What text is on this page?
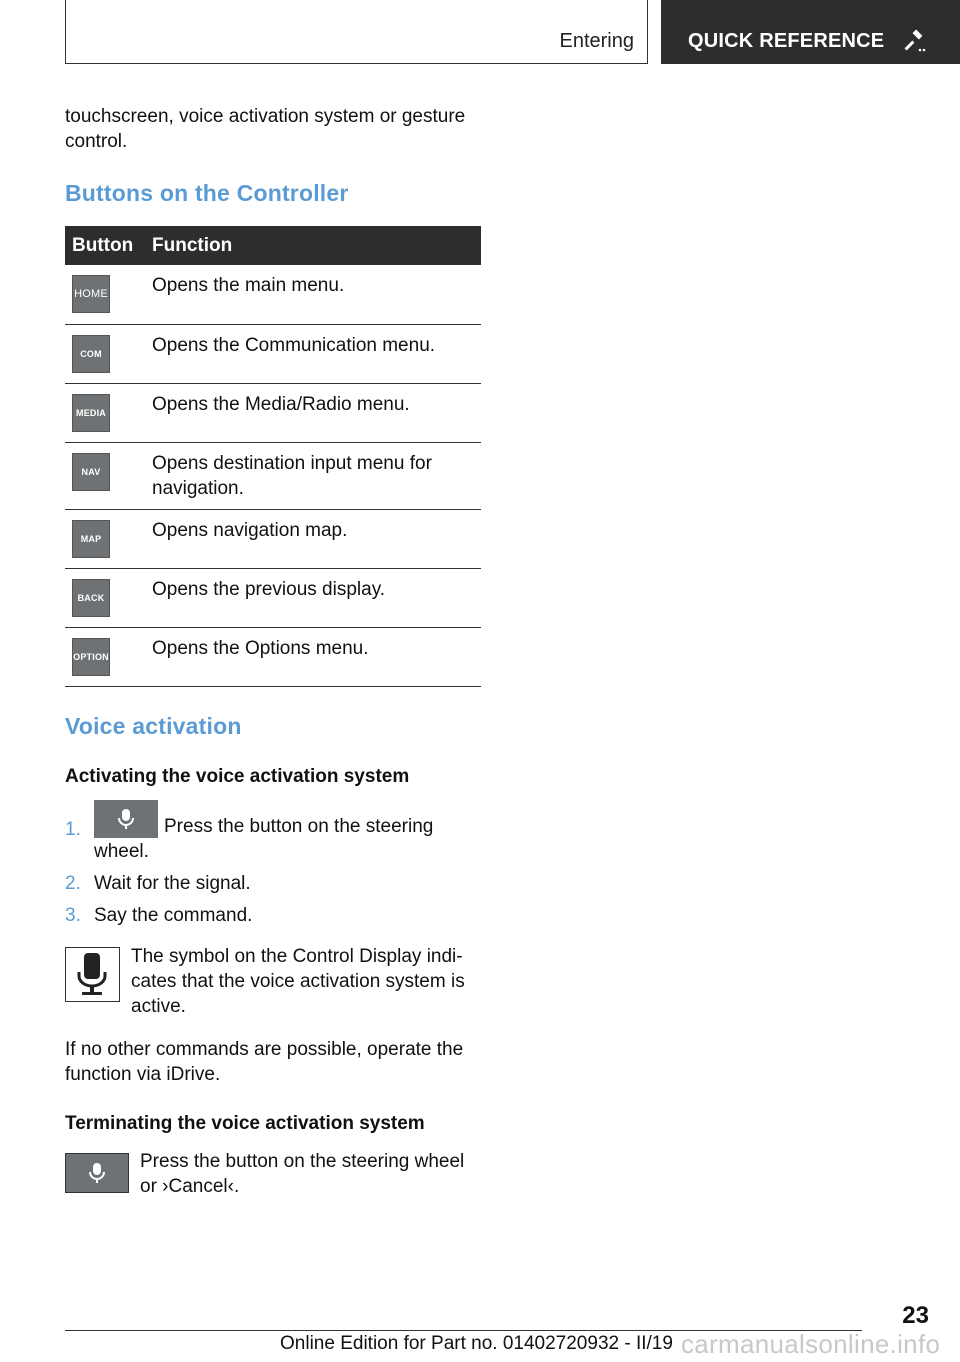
Entering	QUICK REFERENCE

touchscreen, voice activation system or gesture control.

Buttons on the Controller
Button	Function

HOME	Opens the main menu.

COM	Opens the Communication menu.

MEDIA	Opens the Media/Radio menu.

NAV	Opens destination input menu for navigation.

MAP	Opens navigation map.

BACK	Opens the previous display.

OPTION	Opens the Options menu.
Voice activation
Activating the voice activation system
1.	Press the button on the steering wheel.
2. Wait for the signal.
3. Say the command.
The symbol on the Control Display indi-cates that the voice activation system is active.

If no other commands are possible, operate the function via iDrive.

Terminating the voice activation system
Press the button on the steering wheel or ›Cancel‹.
23
Online Edition for Part no. 01402720932 - II/19 carmanualsonline.info
